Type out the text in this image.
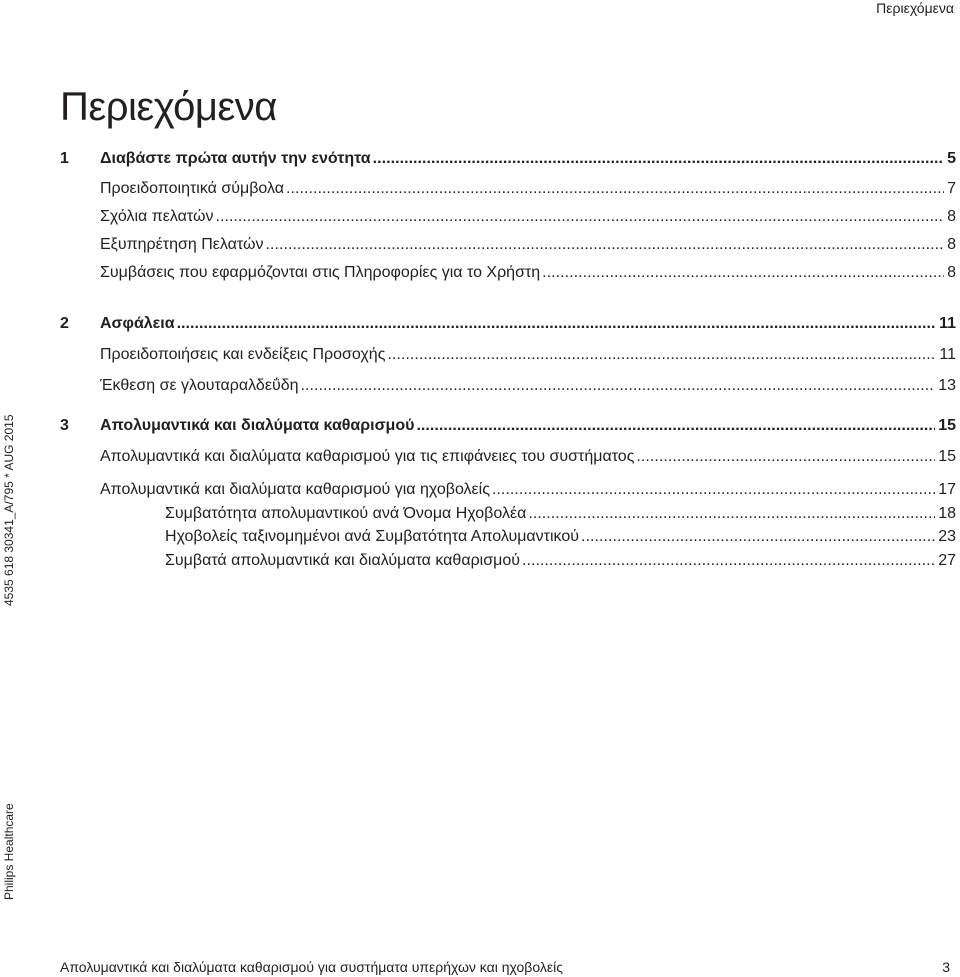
Περιεχόμενα
Περιεχόμενα
1	Διαβάστε πρώτα αυτήν την ενότητα . . .	5
Προειδοποιητικά σύμβολα . . .	7
Σχόλια πελατών . . .	8
Εξυπηρέτηση Πελατών . . .	8
Συμβάσεις που εφαρμόζονται στις Πληροφορίες για το Χρήστη . . .	8
2	Ασφάλεια . . .	11
Προειδοποιήσεις και ενδείξεις Προσοχής . . .	11
Έκθεση σε γλουταραλδεΰδη . . .	13
3	Απολυμαντικά και διαλύματα καθαρισμού . . .	15
Απολυμαντικά και διαλύματα καθαρισμού για τις επιφάνειες του συστήματος . . .	15
Απολυμαντικά και διαλύματα καθαρισμού για ηχοβολείς . . .	17
Συμβατότητα απολυμαντικού ανά Όνομα Ηχοβολέα . . .	18
Ηχοβολείς ταξινομημένοι ανά Συμβατότητα Απολυμαντικού . . .	23
Συμβατά απολυμαντικά και διαλύματα καθαρισμού . . .	27
4535 618 30341_A/795 * AUG 2015
Philips Healthcare
Απολυμαντικά και διαλύματα καθαρισμού για συστήματα υπερήχων και ηχοβολείς	3
